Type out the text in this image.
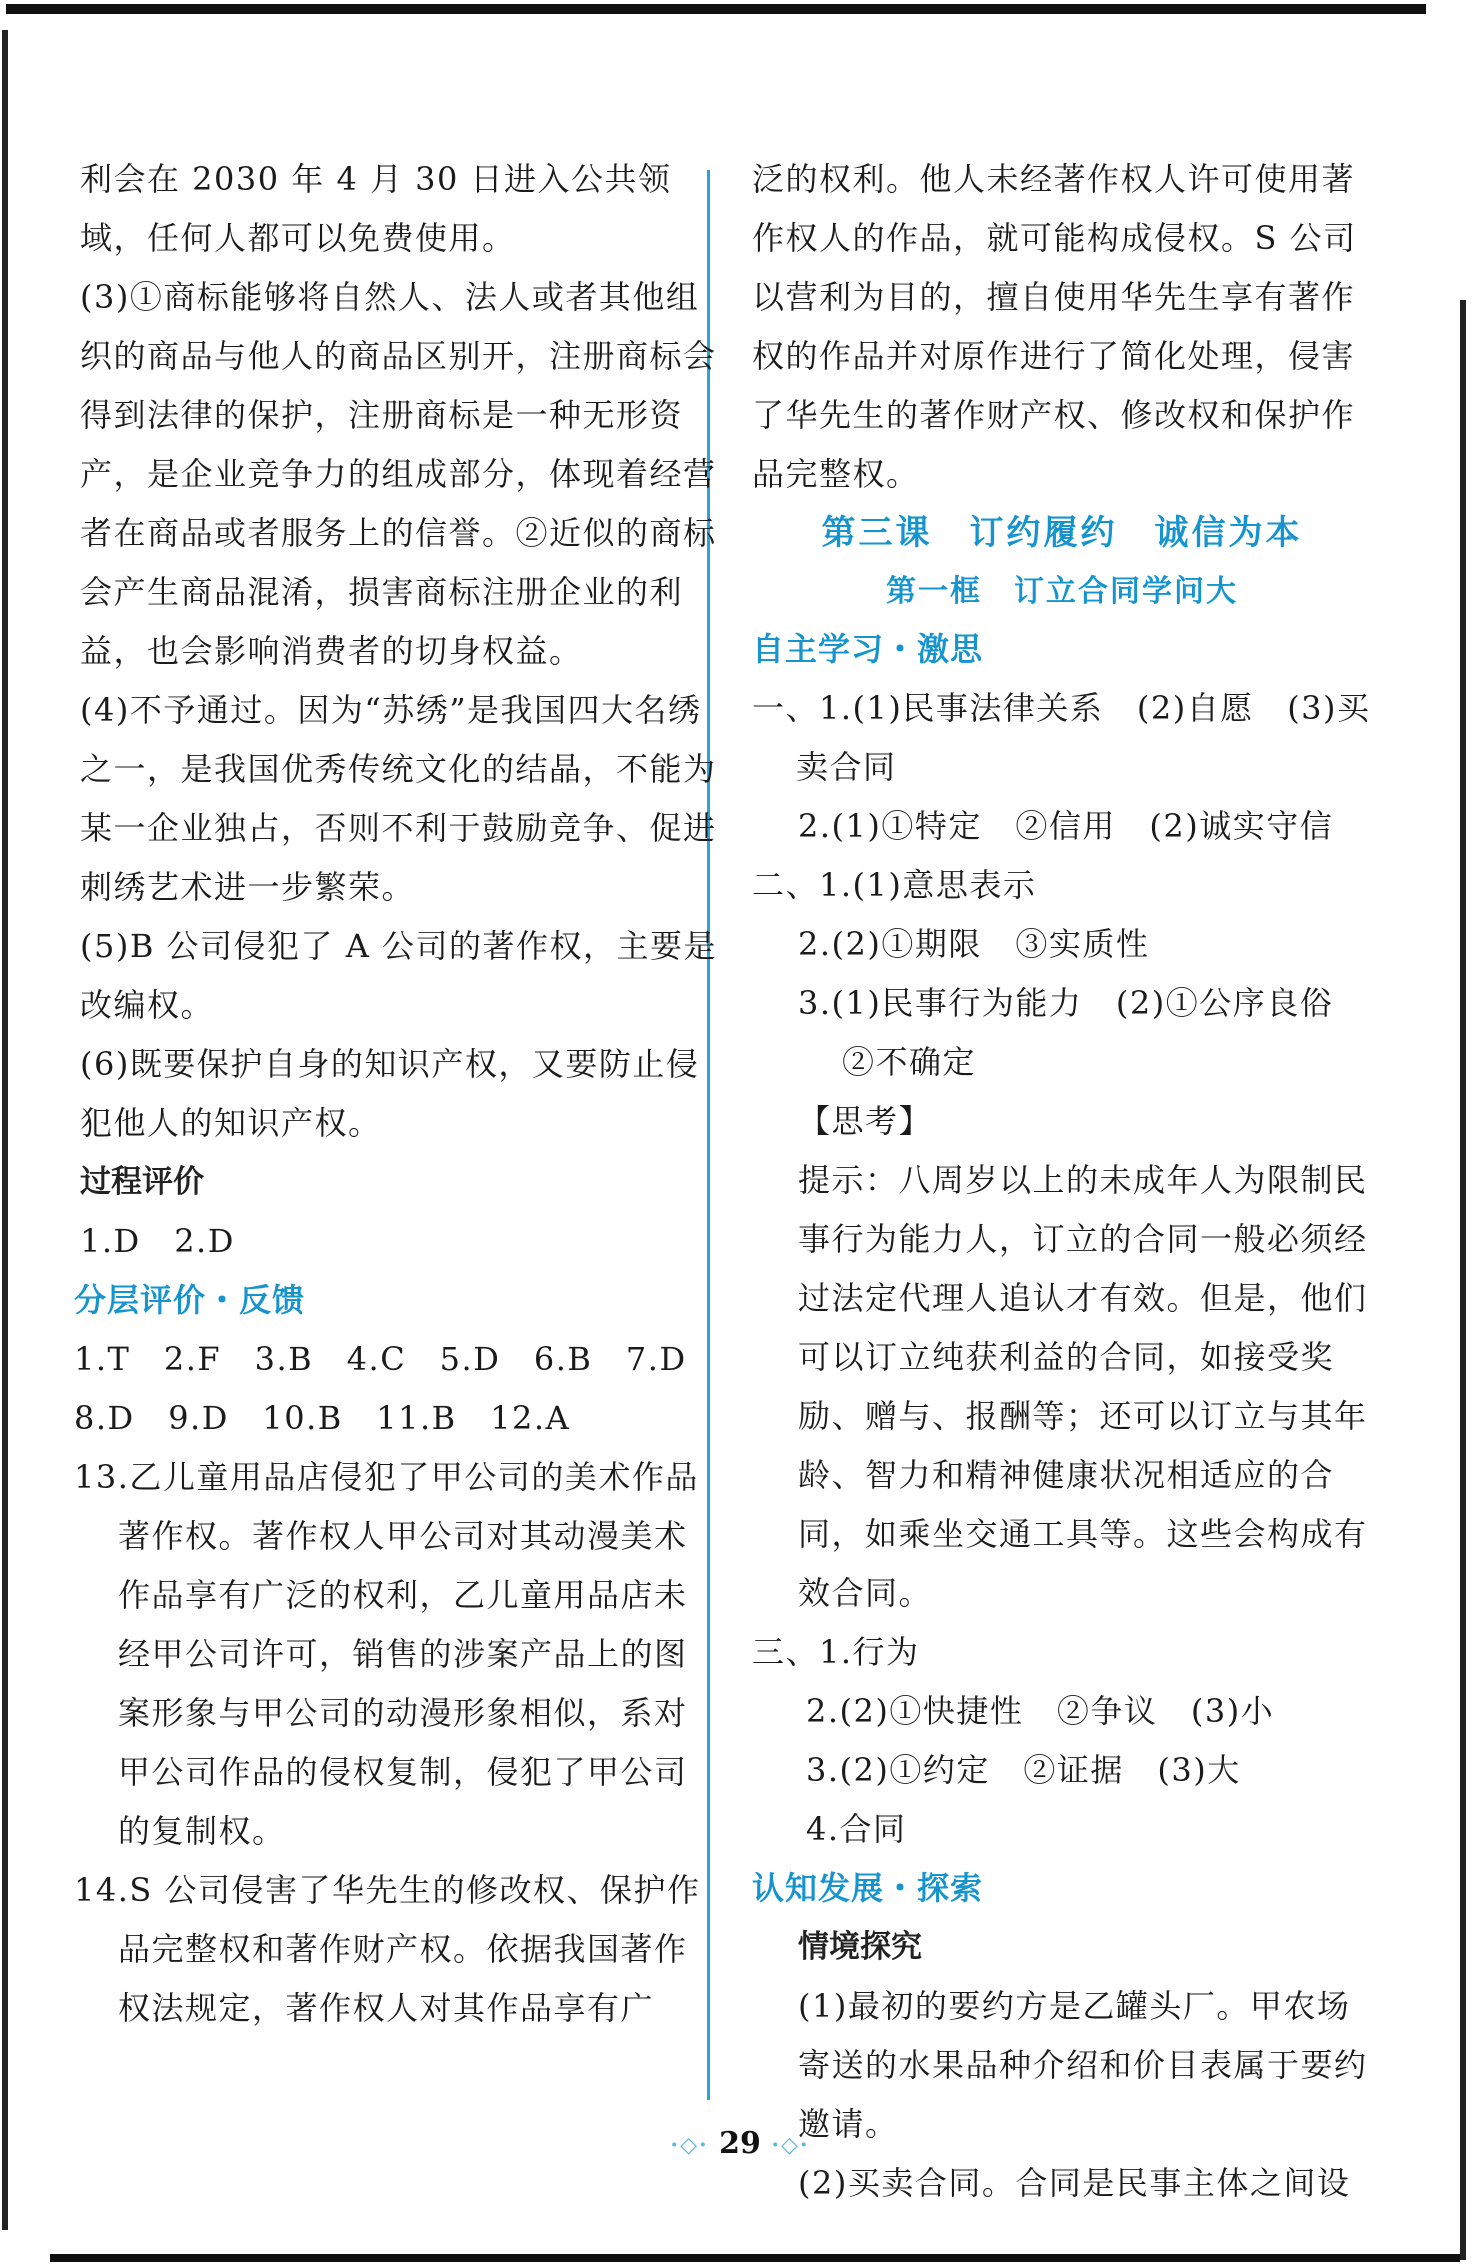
利会在 2030 年 4 月 30 日进入公共领域，任何人都可以免费使用。
(3)①商标能够将自然人、法人或者其他组织的商品与他人的商品区别开，注册商标会得到法律的保护，注册商标是一种无形资产，是企业竞争力的组成部分，体现着经营者在商品或者服务上的信誉。②近似的商标会产生商品混淆，损害商标注册企业的利益，也会影响消费者的切身权益。
(4)不予通过。因为“苏绣”是我国四大名绣之一，是我国优秀传统文化的结晶，不能为某一企业独占，否则不利于鼓励竞争、促进刺绣艺术进一步繁荣。
(5)B 公司侵犯了 A 公司的著作权，主要是改编权。
(6)既要保护自身的知识产权，又要防止侵犯他人的知识产权。
过程评价
1.D　2.D
分层评价・反馈
1.T　2.F　3.B　4.C　5.D　6.B　7.D
8.D　9.D　10.B　11.B　12.A
13.乙儿童用品店侵犯了甲公司的美术作品著作权。著作权人甲公司对其动漫美术作品享有广泛的权利，乙儿童用品店未经甲公司许可，销售的涉案产品上的图案形象与甲公司的动漫形象相似，系对甲公司作品的侵权复制，侵犯了甲公司的复制权。
14.S 公司侵害了华先生的修改权、保护作品完整权和著作财产权。依据我国著作权法规定，著作权人对其作品享有广
泛的权利。他人未经著作权人许可使用著作权人的作品，就可能构成侵权。S 公司以营利为目的，擅自使用华先生享有著作权的作品并对原作进行了简化处理，侵害了华先生的著作财产权、修改权和保护作品完整权。
第三课　订约履约　诚信为本
第一框　订立合同学问大
自主学习・激思
一、1.(1)民事法律关系　(2)自愿　(3)买卖合同
2.(1)①特定　②信用　(2)诚实守信
二、1.(1)意思表示
2.(2)①期限　③实质性
3.(1)民事行为能力　(2)①公序良俗　②不确定
【思考】
提示：八周岁以上的未成年人为限制民事行为能力人，订立的合同一般必须经过法定代理人追认才有效。但是，他们可以订立纯获利益的合同，如接受奖励、赠与、报酬等；还可以订立与其年龄、智力和精神健康状况相适应的合同，如乘坐交通工具等。这些会构成有效合同。
三、1.行为
2.(2)①快捷性　②争议　(3)小
3.(2)①约定　②证据　(3)大
4.合同
认知发展・探索
情境探究
(1)最初的要约方是乙罐头厂。甲农场寄送的水果品种介绍和价目表属于要约邀请。
(2)买卖合同。合同是民事主体之间设
·◇· 29 ·◇·
